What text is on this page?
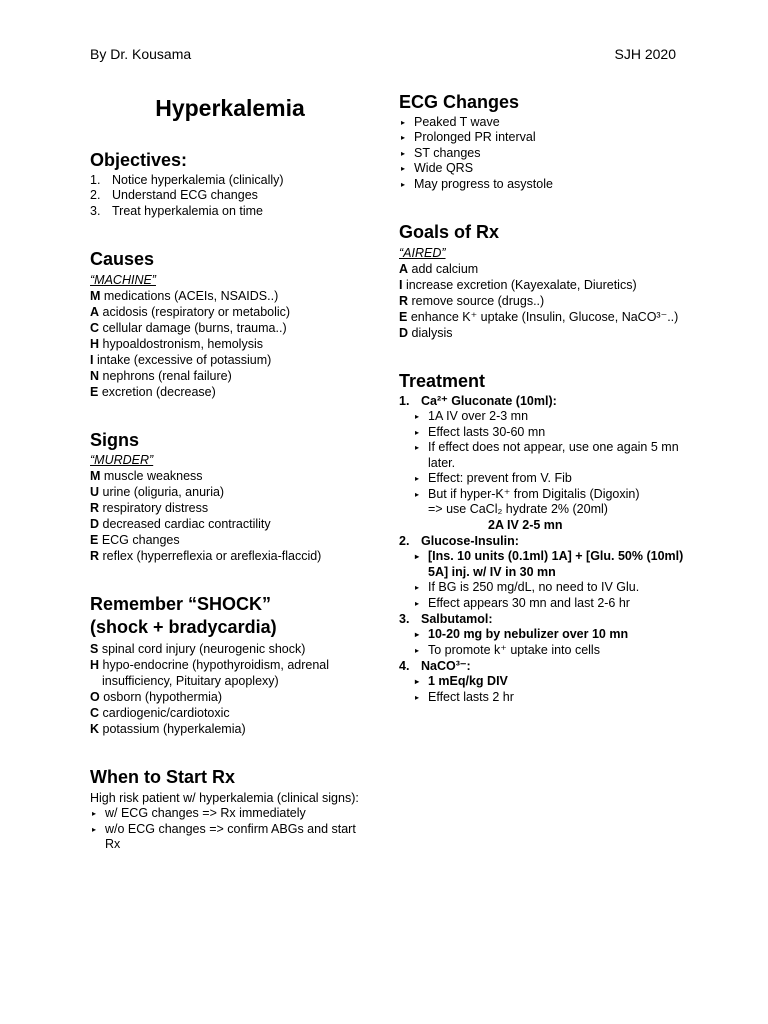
By Dr. Kousama	SJH 2020
Hyperkalemia
Objectives:
1. Notice hyperkalemia (clinically)
2. Understand ECG changes
3. Treat hyperkalemia on time
Causes
“MACHINE”
M medications (ACEIs, NSAIDS..)
A acidosis (respiratory or metabolic)
C cellular damage (burns, trauma..)
H hypoaldostronism, hemolysis
I intake (excessive of potassium)
N nephrons (renal failure)
E excretion (decrease)
Signs
“MURDER”
M muscle weakness
U urine (oliguria, anuria)
R respiratory distress
D decreased cardiac contractility
E ECG changes
R reflex (hyperreflexia or areflexia-flaccid)
Remember “SHOCK”
(shock + bradycardia)
S spinal cord injury (neurogenic shock)
H hypo-endocrine (hypothyroidism, adrenal insufficiency, Pituitary apoplexy)
O osborn (hypothermia)
C cardiogenic/cardiotoxic
K potassium (hyperkalemia)
When to Start Rx
High risk patient w/ hyperkalemia (clinical signs):
▸ w/ ECG changes => Rx immediately
▸ w/o ECG changes => confirm ABGs and start Rx
ECG Changes
▸ Peaked T wave
▸ Prolonged PR interval
▸ ST changes
▸ Wide QRS
▸ May progress to asystole
Goals of Rx
“AIRED”
A add calcium
I increase excretion (Kayexalate, Diuretics)
R remove source (drugs..)
E enhance K⁺ uptake (Insulin, Glucose, NaCO³⁻..)
D dialysis
Treatment
1. Ca²⁺ Gluconate (10ml):
▸ 1A IV over 2-3 mn
▸ Effect lasts 30-60 mn
▸ If effect does not appear, use one again 5 mn later.
▸ Effect: prevent from V. Fib
▸ But if hyper-K⁺ from Digitalis (Digoxin)
=> use CaCl₂ hydrate 2% (20ml)
2A IV 2-5 mn
2. Glucose-Insulin:
▸ [Ins. 10 units (0.1ml) 1A] + [Glu. 50% (10ml) 5A] inj. w/ IV in 30 mn
▸ If BG is 250 mg/dL, no need to IV Glu.
▸ Effect appears 30 mn and last 2-6 hr
3. Salbutamol:
▸ 10-20 mg by nebulizer over 10 mn
▸ To promote k⁺ uptake into cells
4. NaCO³⁻:
▸ 1 mEq/kg DIV
▸ Effect lasts 2 hr
